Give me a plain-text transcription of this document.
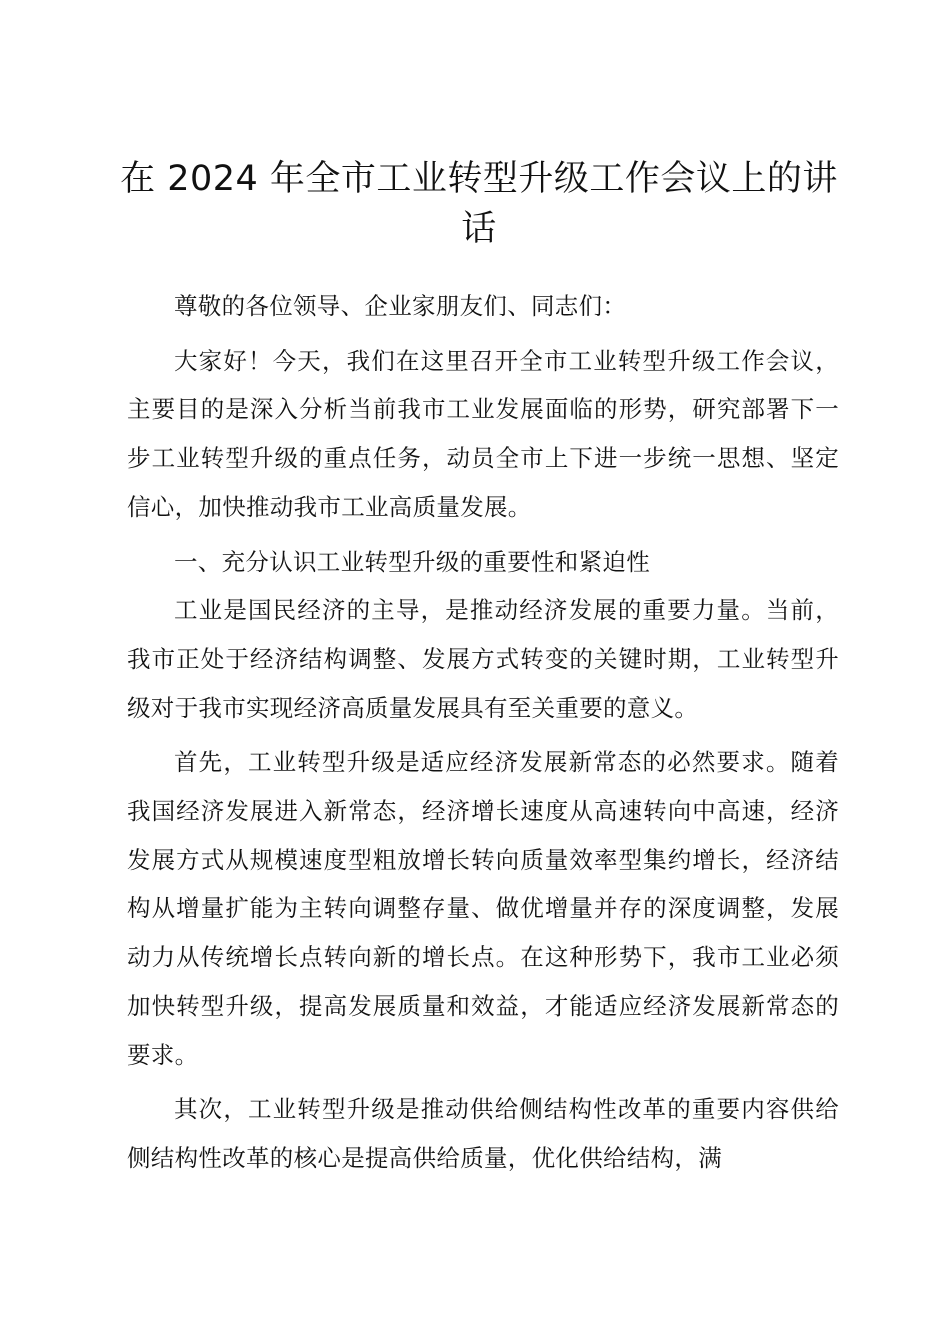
在 2024 年全市工业转型升级工作会议上的讲话

尊敬的各位领导、企业家朋友们、同志们：

大家好！今天，我们在这里召开全市工业转型升级工作会议，主要目的是深入分析当前我市工业发展面临的形势，研究部署下一步工业转型升级的重点任务，动员全市上下进一步统一思想、坚定信心，加快推动我市工业高质量发展。

一、充分认识工业转型升级的重要性和紧迫性

工业是国民经济的主导，是推动经济发展的重要力量。当前，我市正处于经济结构调整、发展方式转变的关键时期，工业转型升级对于我市实现经济高质量发展具有至关重要的意义。

首先，工业转型升级是适应经济发展新常态的必然要求。随着我国经济发展进入新常态，经济增长速度从高速转向中高速，经济发展方式从规模速度型粗放增长转向质量效率型集约增长，经济结构从增量扩能为主转向调整存量、做优增量并存的深度调整，发展动力从传统增长点转向新的增长点。在这种形势下，我市工业必须加快转型升级，提高发展质量和效益，才能适应经济发展新常态的要求。

其次，工业转型升级是推动供给侧结构性改革的重要内容供给侧结构性改革的核心是提高供给质量，优化供给结构，满
